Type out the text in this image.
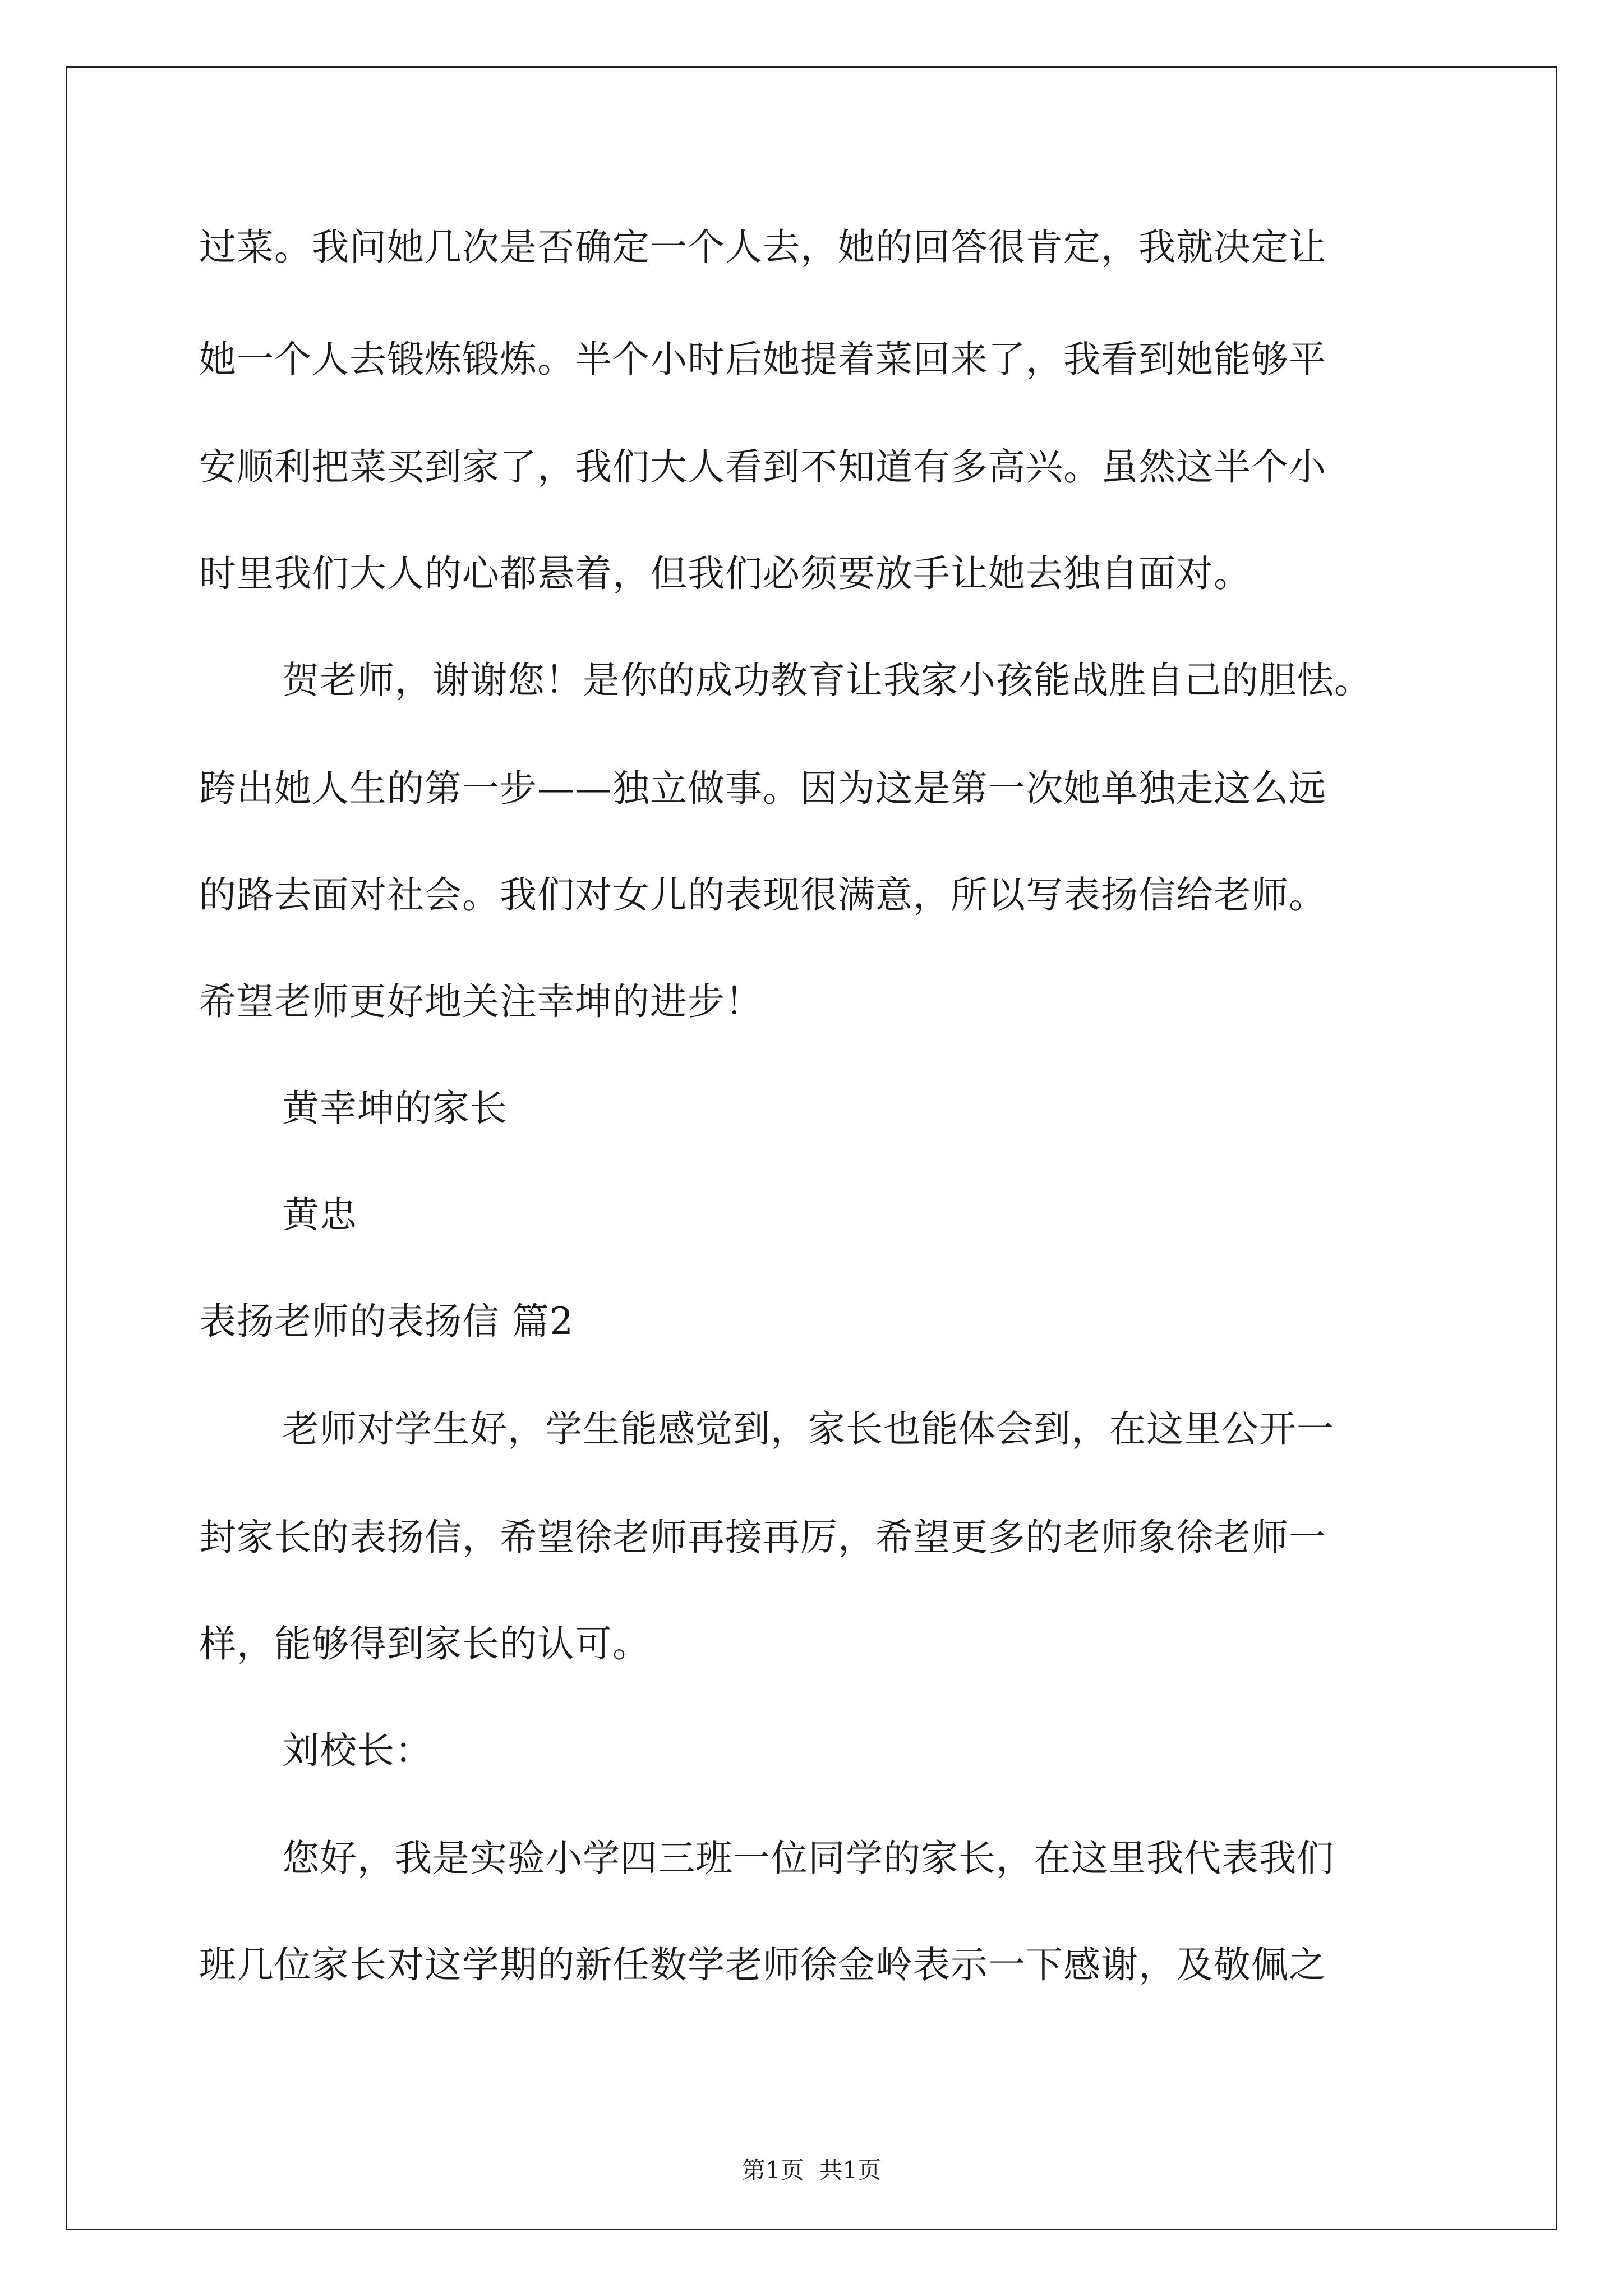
过菜。我问她几次是否确定一个人去，她的回答很肯定，我就决定让
她一个人去锻炼锻炼。半个小时后她提着菜回来了，我看到她能够平
安顺利把菜买到家了，我们大人看到不知道有多高兴。虽然这半个小
时里我们大人的心都悬着，但我们必须要放手让她去独自面对。
贺老师，谢谢您！是你的成功教育让我家小孩能战胜自己的胆怯。
跨出她人生的第一步——独立做事。因为这是第一次她单独走这么远
的路去面对社会。我们对女儿的表现很满意，所以写表扬信给老师。
希望老师更好地关注幸坤的进步！
黄幸坤的家长
黄忠
表扬老师的表扬信 篇2
老师对学生好，学生能感觉到，家长也能体会到，在这里公开一
封家长的表扬信，希望徐老师再接再厉，希望更多的老师象徐老师一
样，能够得到家长的认可。
刘校长：
您好，我是实验小学四三班一位同学的家长，在这里我代表我们
班几位家长对这学期的新任数学老师徐金岭表示一下感谢，及敬佩之
第1页  共1页
